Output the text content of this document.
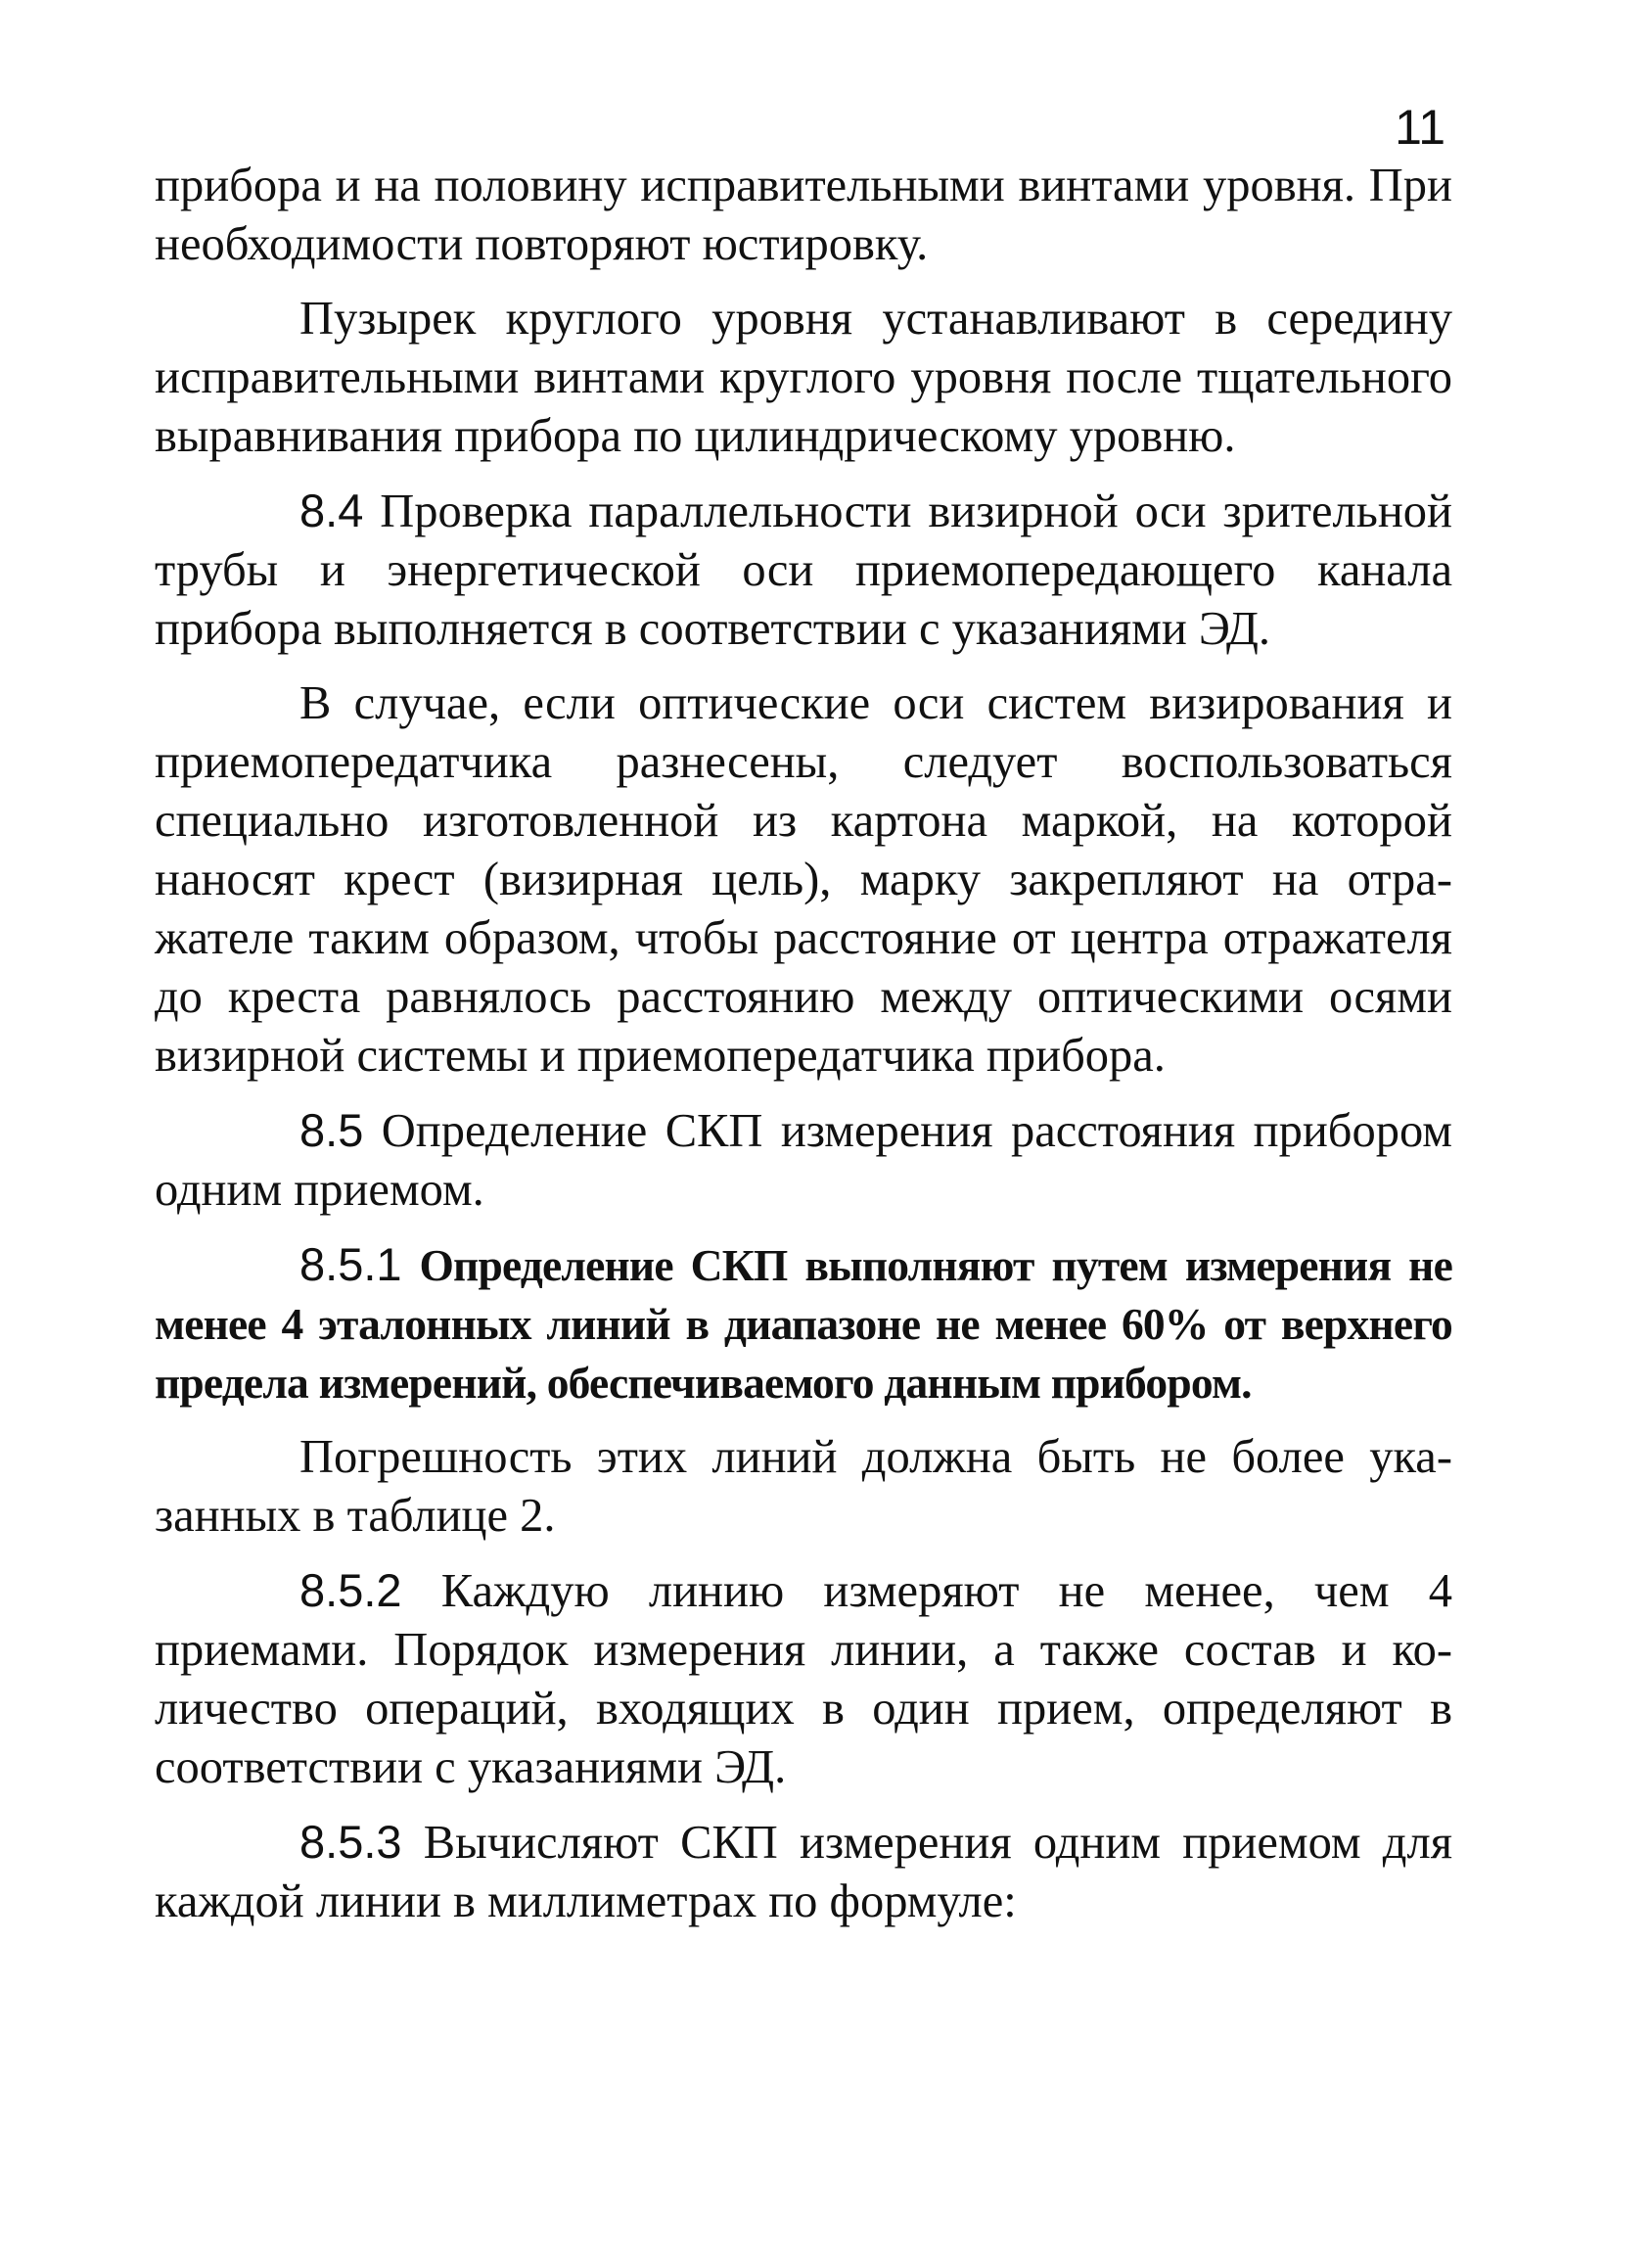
11

прибора и на половину исправительными винтами уровня. При необходимости повторяют юстировку.

Пузырек круглого уровня устанавливают в середину исправительными винтами круглого уровня после тщательного выравнивания прибора по цилиндрическому уровню.

8.4 Проверка параллельности визирной оси зрительной трубы и энергетической оси приемопередающего канала прибора выполняется в соответствии с указаниями ЭД.

В случае, если оптические оси систем визирования и приемопередатчика разнесены, следует воспользоваться специально изготовленной из картона маркой, на которой наносят крест (визирная цель), марку закрепляют на отражателе таким образом, чтобы расстояние от центра отражателя до креста равнялось расстоянию между оптическими осями визирной системы и приемопередатчика прибора.

8.5 Определение СКП измерения расстояния прибором одним приемом.

8.5.1 Определение СКП выполняют путем измерения не менее 4 эталонных линий в диапазоне не менее 60% от верхнего предела измерений, обеспечиваемого данным прибором.

Погрешность этих линий должна быть не более указанных в таблице 2.

8.5.2 Каждую линию измеряют не менее, чем 4 приемами. Порядок измерения линии, а также состав и количество операций, входящих в один прием, определяют в соответствии с указаниями ЭД.

8.5.3 Вычисляют СКП измерения одним приемом для каждой линии в миллиметрах по формуле:
